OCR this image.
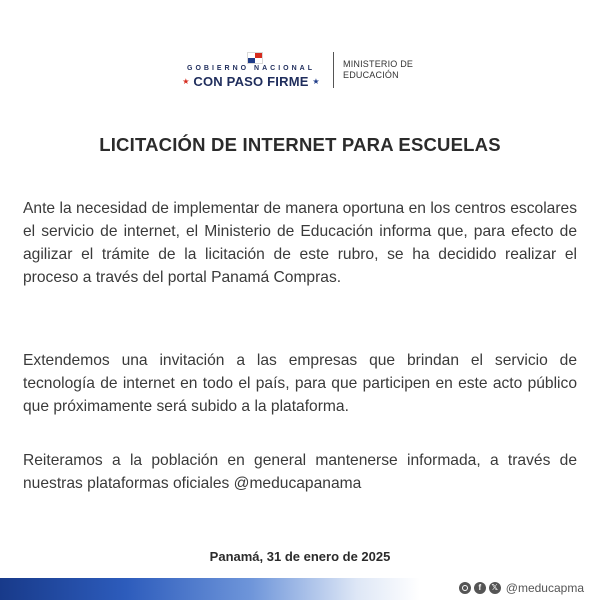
GOBIERNO NACIONAL
★ CON PASO FIRME ★
MINISTERIO DE
EDUCACIÓN
LICITACIÓN DE INTERNET PARA ESCUELAS

Ante la necesidad de implementar de manera oportuna en los centros escolares el servicio de internet, el Ministerio de Educación informa que, para efecto de agilizar el trámite de la licitación de este rubro, se ha decidido realizar el proceso a través del portal Panamá Compras.

Extendemos una invitación a las empresas que brindan el servicio de tecnología de internet en todo el país, para que participen en este acto público que próximamente será subido a la plataforma.

Reiteramos a la población en general mantenerse informada, a través de nuestras plataformas oficiales @meducapanama

Panamá, 31 de enero de 2025
f	𝕏 @meducapma
